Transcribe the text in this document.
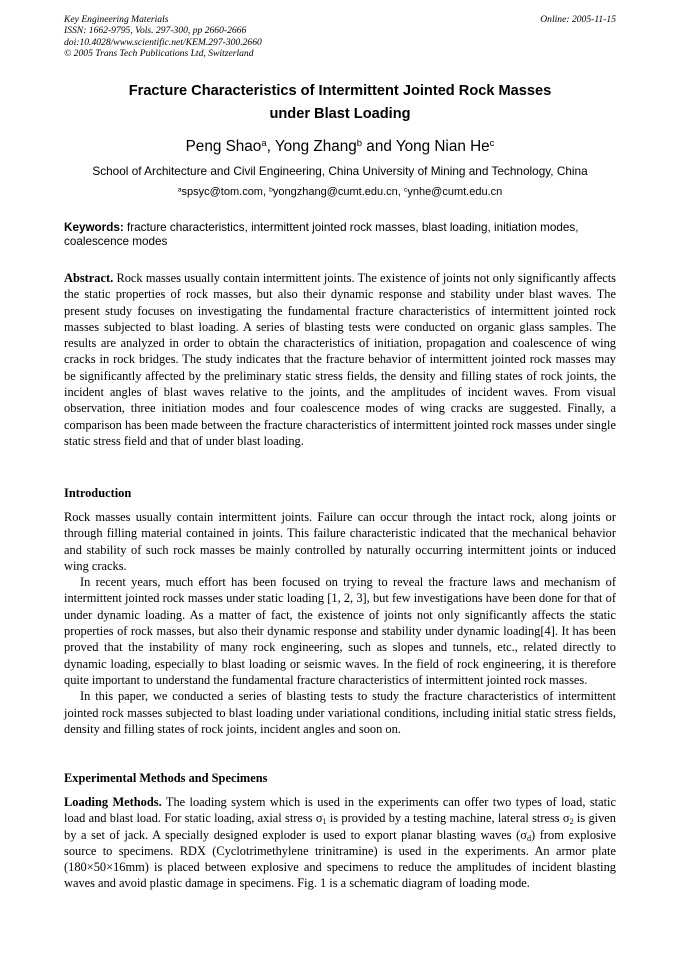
Key Engineering Materials
ISSN: 1662-9795, Vols. 297-300, pp 2660-2666
doi:10.4028/www.scientific.net/KEM.297-300.2660
© 2005 Trans Tech Publications Ltd, Switzerland
Online: 2005-11-15
Fracture Characteristics of Intermittent Jointed Rock Masses
under Blast Loading
Peng Shao$^a$, Yong Zhang$^b$ and Yong Nian He$^c$
School of Architecture and Civil Engineering, China University of Mining and Technology, China
$^a$spsyc@tom.com, $^b$yongzhang@cumt.edu.cn, $^c$ynhe@cumt.edu.cn
Keywords: fracture characteristics, intermittent jointed rock masses, blast loading, initiation modes, coalescence modes
Abstract. Rock masses usually contain intermittent joints. The existence of joints not only significantly affects the static properties of rock masses, but also their dynamic response and stability under blast waves. The present study focuses on investigating the fundamental fracture characteristics of intermittent jointed rock masses subjected to blast loading. A series of blasting tests were conducted on organic glass samples. The results are analyzed in order to obtain the characteristics of initiation, propagation and coalescence of wing cracks in rock bridges. The study indicates that the fracture behavior of intermittent jointed rock masses may be significantly affected by the preliminary static stress fields, the density and filling states of rock joints, the incident angles of blast waves relative to the joints, and the amplitudes of incident waves. From visual observation, three initiation modes and four coalescence modes of wing cracks are suggested. Finally, a comparison has been made between the fracture characteristics of intermittent jointed rock masses under single static stress field and that of under blast loading.
Introduction

Rock masses usually contain intermittent joints. Failure can occur through the intact rock, along joints or through filling material contained in joints. This failure characteristic indicated that the mechanical behavior and stability of such rock masses be mainly controlled by naturally occurring intermittent joints or induced wing cracks.

In recent years, much effort has been focused on trying to reveal the fracture laws and mechanism of intermittent jointed rock masses under static loading [1, 2, 3], but few investigations have been done for that of under dynamic loading. As a matter of fact, the existence of joints not only significantly affects the static properties of rock masses, but also their dynamic response and stability under dynamic loading[4]. It has been proved that the instability of many rock engineering, such as slopes and tunnels, etc., related directly to dynamic loading, especially to blast loading or seismic waves. In the field of rock engineering, it is therefore quite important to understand the fundamental fracture characteristics of intermittent jointed rock masses.

In this paper, we conducted a series of blasting tests to study the fracture characteristics of intermittent jointed rock masses subjected to blast loading under variational conditions, including initial static stress fields, density and filling states of rock joints, incident angles and soon on.

Experimental Methods and Specimens
Loading Methods. The loading system which is used in the experiments can offer two types of load, static load and blast load. For static loading, axial stress $\sigma_1$ is provided by a testing machine, lateral stress $\sigma_2$ is given by a set of jack. A specially designed exploder is used to export planar blasting waves $(\sigma_d)$ from explosive source to specimens. RDX (Cyclotrimethylene trinitramine) is used in the experiments. An armor plate (180×50×16mm) is placed between explosive and specimens to reduce the amplitudes of incident blasting waves and avoid plastic damage in specimens. Fig. 1 is a schematic diagram of loading mode.
